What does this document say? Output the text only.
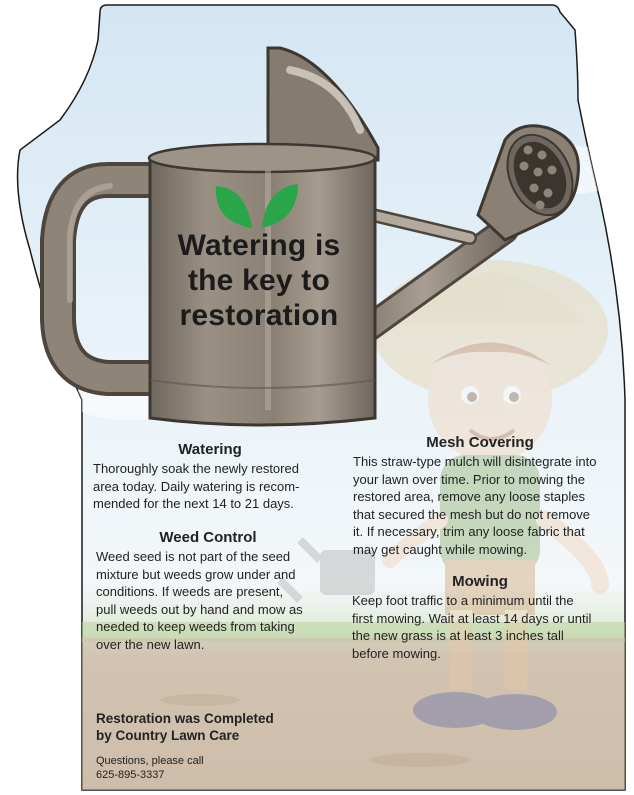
Watering is
the key to
restoration
Watering
Thoroughly soak the newly restored
area today. Daily watering is recom-
mended for the next 14 to 21 days.
Weed Control
Weed seed is not part of the seed
mixture but weeds grow under and
conditions. If weeds are present,
pull weeds out by hand and mow as
needed to keep weeds from taking
over the new lawn.
Mesh Covering
This straw-type mulch will disintegrate into
your lawn over time. Prior to mowing the
restored area, remove any loose staples
that secured the mesh but do not remove
it. If necessary, trim any loose fabric that
may get caught while mowing.
Mowing
Keep foot traffic to a minimum until the
first mowing. Wait at least 14 days or until
the new grass is at least 3 inches tall
before mowing.
Restoration was Completed
by Country Lawn Care
Questions, please call
625-895-3337
